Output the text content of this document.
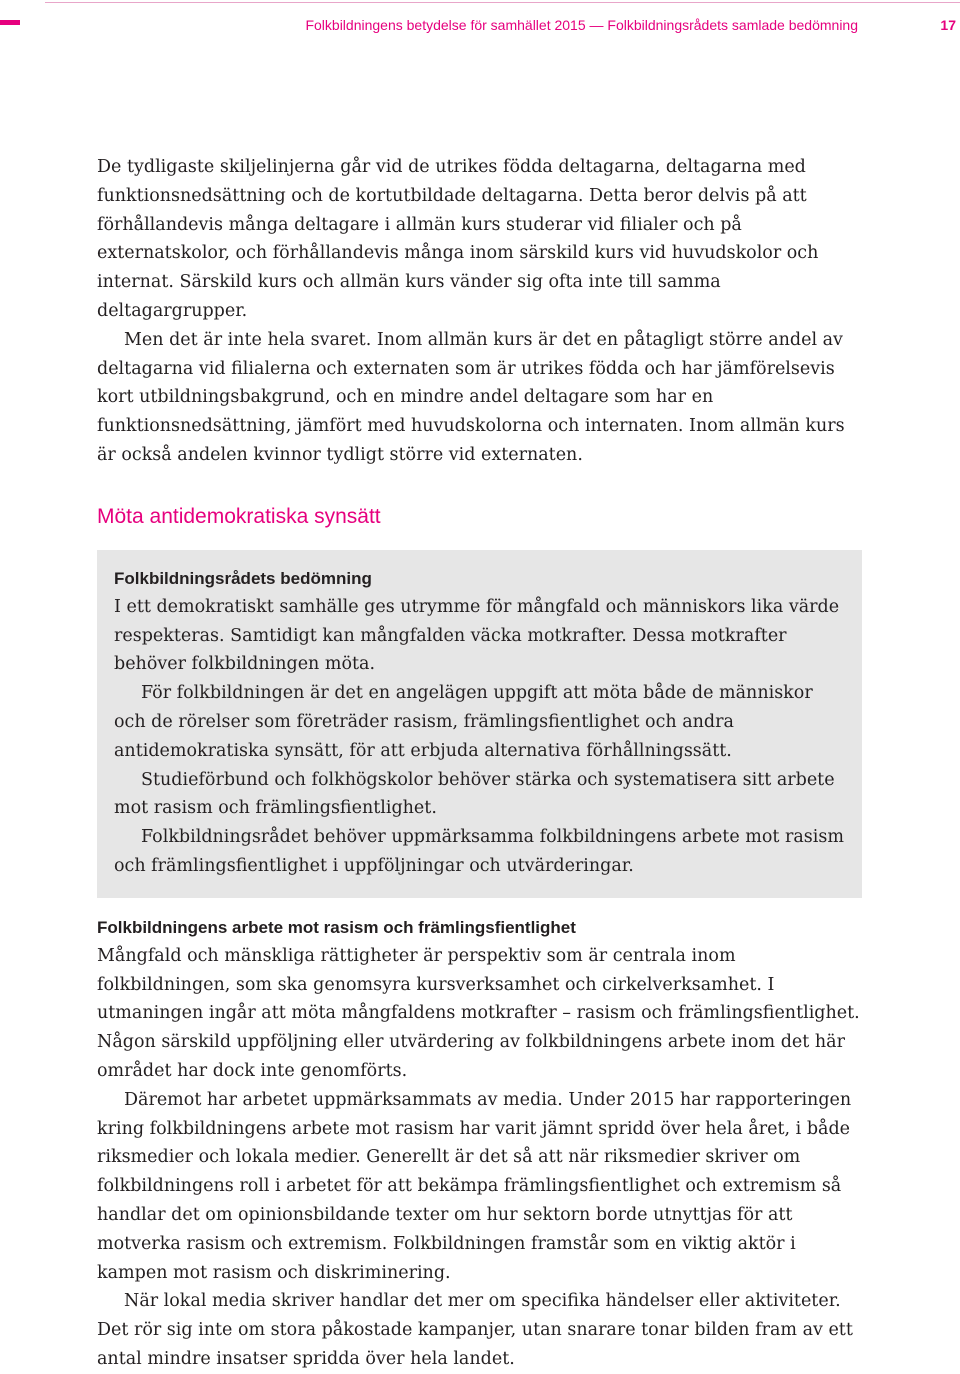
Folkbildningens betydelse för samhället 2015 — Folkbildningsrådets samlade bedömning	17

De tydligaste skiljelinjerna går vid de utrikes födda deltagarna, deltagarna med funktionsnedsättning och de kortutbildade deltagarna. Detta beror delvis på att förhållandevis många deltagare i allmän kurs studerar vid filialer och på externatskolor, och förhållandevis många inom särskild kurs vid huvudskolor och internat. Särskild kurs och allmän kurs vänder sig ofta inte till samma deltagargrupper.

Men det är inte hela svaret. Inom allmän kurs är det en påtagligt större andel av deltagarna vid filialerna och externaten som är utrikes födda och har jämförelsevis kort utbildningsbakgrund, och en mindre andel deltagare som har en funktionsnedsättning, jämfört med huvudskolorna och internaten. Inom allmän kurs är också andelen kvinnor tydligt större vid externaten.

Möta antidemokratiska synsätt
Folkbildningsrådets bedömning

I ett demokratiskt samhälle ges utrymme för mångfald och människors lika värde respekteras. Samtidigt kan mångfalden väcka motkrafter. Dessa motkrafter behöver folkbildningen möta.

För folkbildningen är det en angelägen uppgift att möta både de människor och de rörelser som företräder rasism, främlingsfientlighet och andra antidemokratiska synsätt, för att erbjuda alternativa förhållningssätt.

Studieförbund och folkhögskolor behöver stärka och systematisera sitt arbete mot rasism och främlingsfientlighet.

Folkbildningsrådet behöver uppmärksamma folkbildningens arbete mot rasism och främlingsfientlighet i uppföljningar och utvärderingar.

Folkbildningens arbete mot rasism och främlingsfientlighet

Mångfald och mänskliga rättigheter är perspektiv som är centrala inom folkbildningen, som ska genomsyra kursverksamhet och cirkelverksamhet. I utmaningen ingår att möta mångfaldens motkrafter – rasism och främlingsfientlighet. Någon särskild uppföljning eller utvärdering av folkbildningens arbete inom det här området har dock inte genomförts.

Däremot har arbetet uppmärksammats av media. Under 2015 har rapporteringen kring folkbildningens arbete mot rasism har varit jämnt spridd över hela året, i både riksmedier och lokala medier. Generellt är det så att när riksmedier skriver om folkbildningens roll i arbetet för att bekämpa främlingsfientlighet och extremism så handlar det om opinionsbildande texter om hur sektorn borde utnyttjas för att motverka rasism och extremism. Folkbildningen framstår som en viktig aktör i kampen mot rasism och diskriminering.

När lokal media skriver handlar det mer om specifika händelser eller aktiviteter. Det rör sig inte om stora påkostade kampanjer, utan snarare tonar bilden fram av ett antal mindre insatser spridda över hela landet.
